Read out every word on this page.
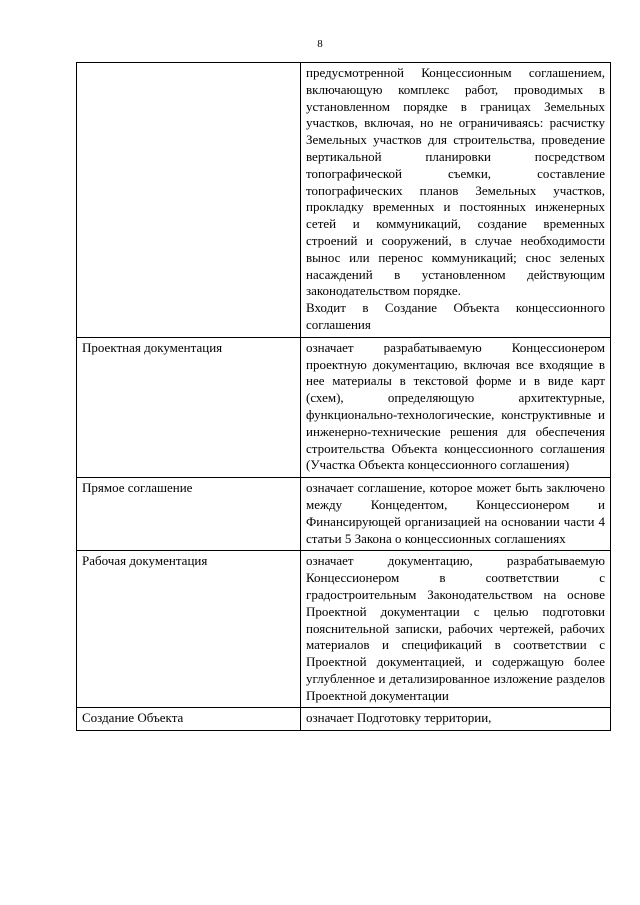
8

	предусмотренной Концессионным соглашением, включающую комплекс работ, проводимых в установленном порядке в границах Земельных участков, включая, но не ограничиваясь: расчистку Земельных участков для строительства, проведение вертикальной планировки посредством топографической съемки, составление топографических планов Земельных участков, прокладку временных и постоянных инженерных сетей и коммуникаций, создание временных строений и сооружений, в случае необходимости вынос или перенос коммуникаций; снос зеленых насаждений в установленном действующим законодательством порядке.
Входит в Создание Объекта концессионного соглашения

Проектная документация	означает разрабатываемую Концессионером проектную документацию, включая все входящие в нее материалы в текстовой форме и в виде карт (схем), определяющую архитектурные, функционально-технологические, конструктивные и инженерно-технические решения для обеспечения строительства Объекта концессионного соглашения (Участка Объекта концессионного соглашения)

Прямое соглашение	означает соглашение, которое может быть заключено между Концедентом, Концессионером и Финансирующей организацией на основании части 4 статьи 5 Закона о концессионных соглашениях

Рабочая документация	означает документацию, разрабатываемую Концессионером в соответствии с градостроительным Законодательством на основе Проектной документации с целью подготовки пояснительной записки, рабочих чертежей, рабочих материалов и спецификаций в соответствии с Проектной документацией, и содержащую более углубленное и детализированное изложение разделов Проектной документации

Создание Объекта	означает Подготовку территории,
